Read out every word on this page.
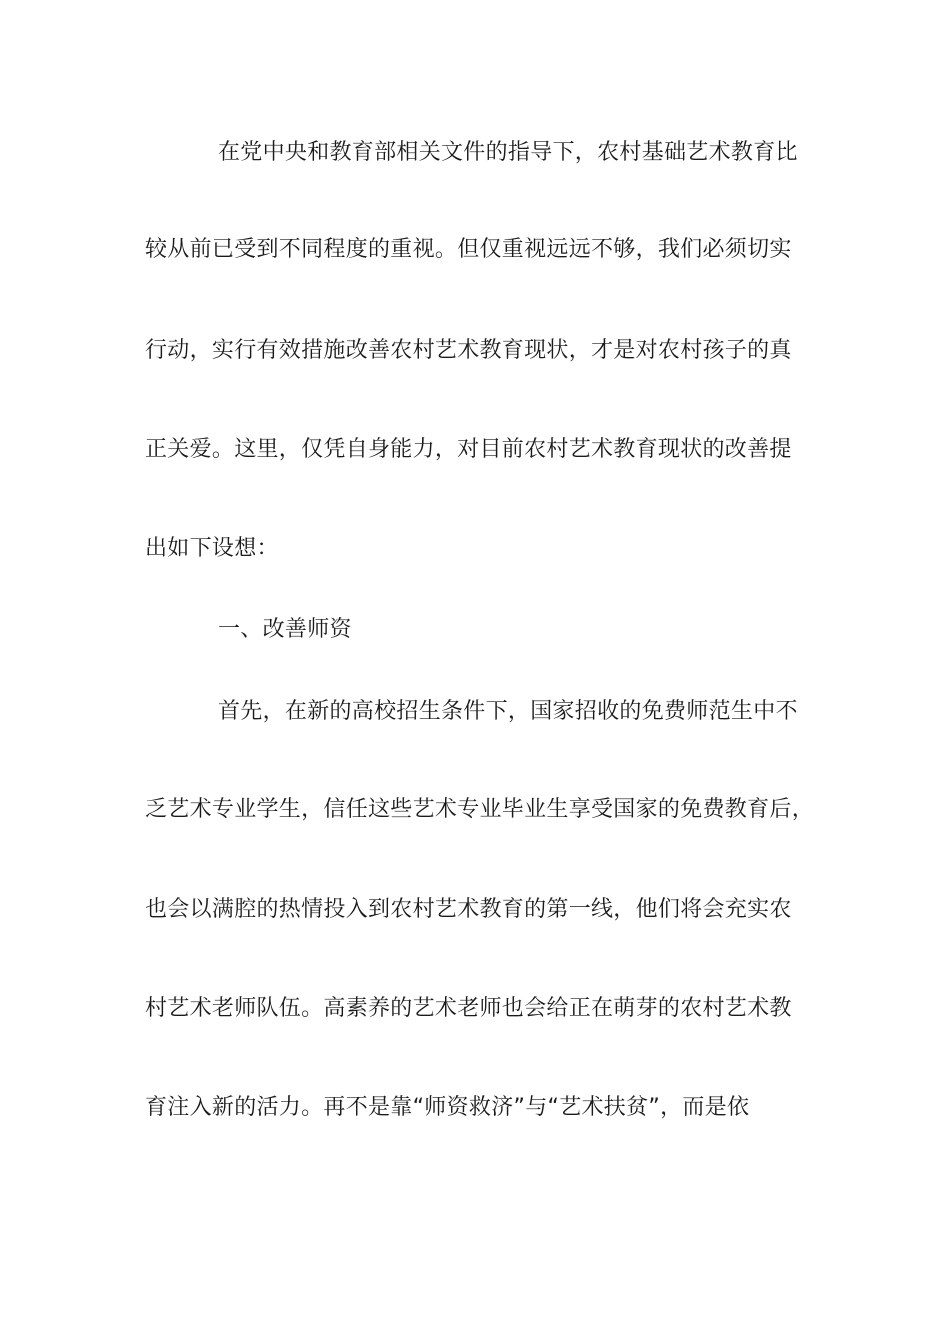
在党中央和教育部相关文件的指导下，农村基础艺术教育比
较从前已受到不同程度的重视。但仅重视远远不够，我们必须切实
行动，实行有效措施改善农村艺术教育现状，才是对农村孩子的真
正关爱。这里，仅凭自身能力，对目前农村艺术教育现状的改善提
出如下设想：
一、改善师资
首先，在新的高校招生条件下，国家招收的免费师范生中不
乏艺术专业学生，信任这些艺术专业毕业生享受国家的免费教育后，
也会以满腔的热情投入到农村艺术教育的第一线，他们将会充实农
村艺术老师队伍。高素养的艺术老师也会给正在萌芽的农村艺术教
育注入新的活力。再不是靠“师资救济”与“艺术扶贫”，而是依
